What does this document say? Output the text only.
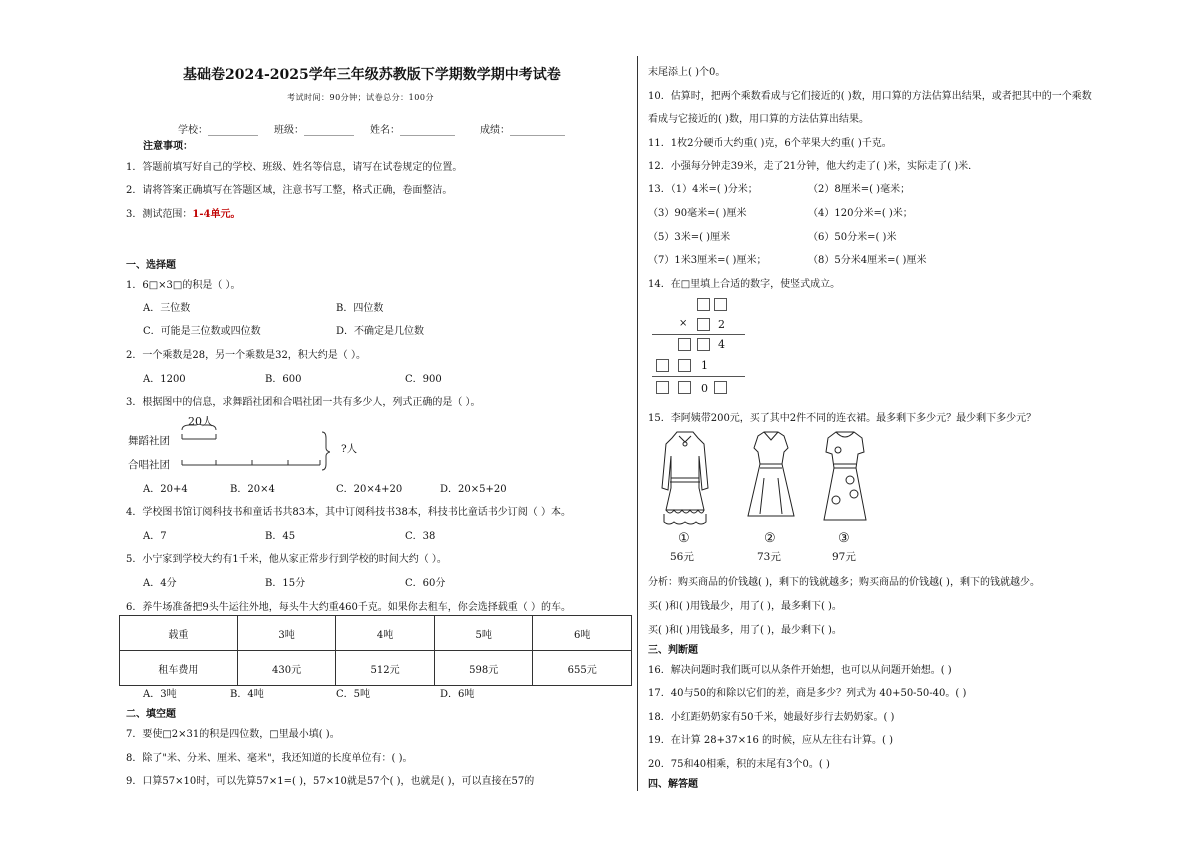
基础卷2024-2025学年三年级苏教版下学期数学期中考试卷
考试时间：90分钟；试卷总分：100分
学校：__________ 班级：__________ 姓名：___________	成绩：___________
注意事项：
1．答题前填写好自己的学校、班级、姓名等信息，请写在试卷规定的位置。
2．请将答案正确填写在答题区域，注意书写工整，格式正确，卷面整洁。
3．测试范围：1-4单元。
一、选择题
1．6□×3□的积是（ ）。
A．三位数	B．四位数
C．可能是三位数或四位数	D．不确定是几位数
2．一个乘数是28，另一个乘数是32，积大约是（ ）。
A．1200	B．600	C．900
3．根据图中的信息，求舞蹈社团和合唱社团一共有多少人，列式正确的是（ ）。
20人
舞蹈社团
合唱社团
?人
A．20+4	B．20×4	C．20×4+20	D．20×5+20
4．学校图书馆订阅科技书和童话书共83本，其中订阅科技书38本，科技书比童话书少订阅（ ）本。
A．7	B．45	C．38
5．小宁家到学校大约有1千米，他从家正常步行到学校的时间大约（ ）。
A．4分	B．15分	C．60分
6．养牛场准备把9头牛运往外地，每头牛大约重460千克。如果你去租车，你会选择载重（ ）的车。
载重	3吨	4吨	5吨	6吨
租车费用	430元	512元	598元	655元
A．3吨	B．4吨	C．5吨	D．6吨
二、填空题
7．要使□2×31的积是四位数，□里最小填( )。
8．除了"米、分米、厘米、毫米"，我还知道的长度单位有：( )。
9．口算57×10时，可以先算57×1=( )，57×10就是57个( )，也就是( )，可以直接在57的
末尾添上( )个0。
10．估算时，把两个乘数看成与它们接近的( )数，用口算的方法估算出结果，或者把其中的一个乘数
看成与它接近的( )数，用口算的方法估算出结果。
11．1枚2分硬币大约重( )克，6个苹果大约重( )千克。
12．小强每分钟走39米，走了21分钟，他大约走了( )米，实际走了( )米．
13．（1）4米=( )分米；	（2）8厘米=( )毫米；
（3）90毫米=( )厘米	（4）120分米=( )米；
（5）3米=( )厘米	（6）50分米=( )米
（7）1米3厘米=( )厘米；	（8）5分米4厘米=( )厘米
14．在□里填上合适的数字，使竖式成立。
×	2
4
1
0
15．李阿姨带200元，买了其中2件不同的连衣裙。最多剩下多少元？最少剩下多少元？
①
56元
②
73元
③
97元
分析：购买商品的价钱越( )，剩下的钱就越多；购买商品的价钱越( )，剩下的钱就越少。
买( )和( )用钱最少，用了( )，最多剩下( )。
买( )和( )用钱最多，用了( )，最少剩下( )。
三、判断题
16．解决问题时我们既可以从条件开始想，也可以从问题开始想。( )
17．40与50的和除以它们的差，商是多少？列式为 40+50-50-40。( )
18．小红距奶奶家有50千米，她最好步行去奶奶家。( )
19．在计算 28+37×16 的时候，应从左往右计算。( )
20．75和40相乘，积的末尾有3个0。( )
四、解答题
